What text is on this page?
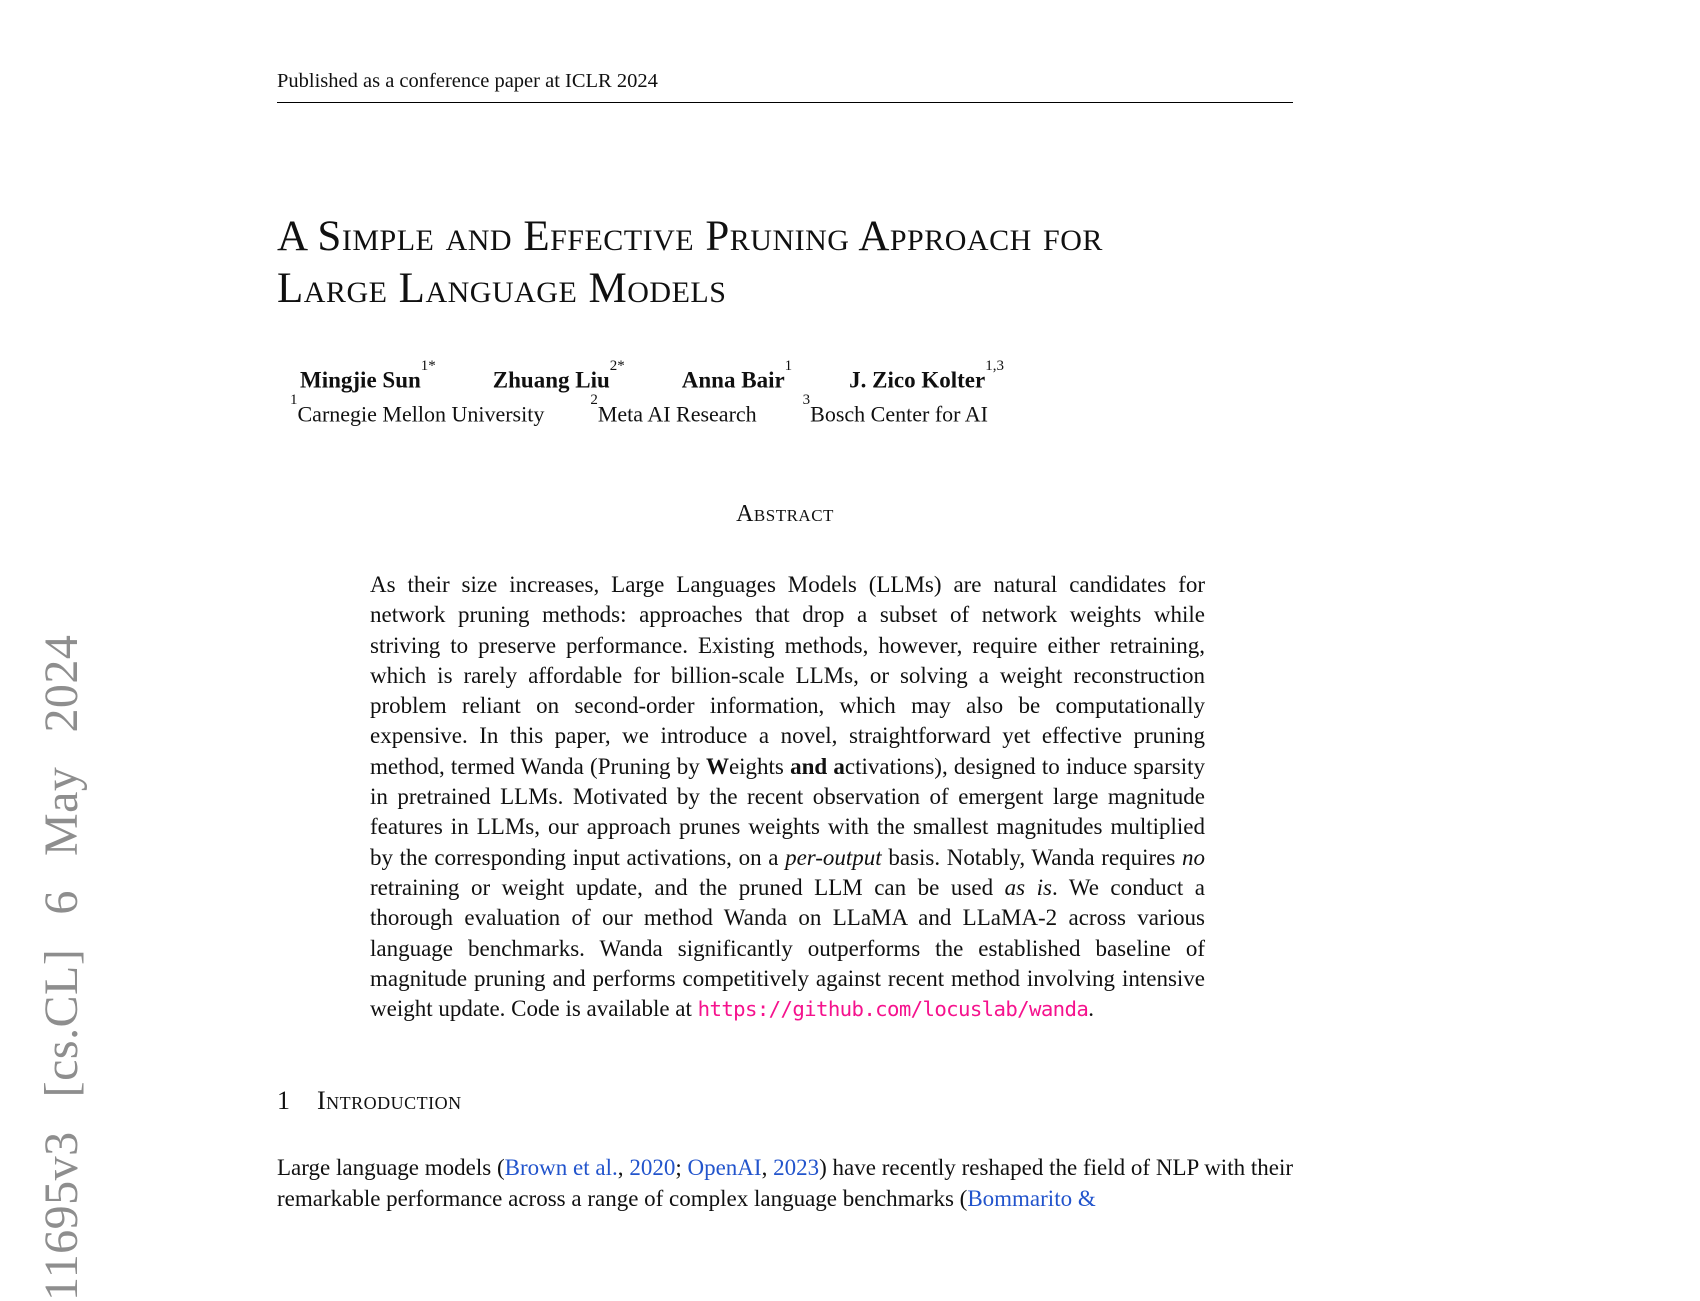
11695v3 [cs.CL] 6 May 2024
Published as a conference paper at ICLR 2024
A Simple and Effective Pruning Approach for
Large Language Models
Mingjie Sun$^{1*}$
Zhuang Liu$^{2*}$
Anna Bair$^1$
J. Zico Kolter$^{1,3}$
$^1$Carnegie Mellon University
$^2$Meta AI Research
$^3$Bosch Center for AI
Abstract
As their size increases, Large Languages Models (LLMs) are natural candidates for network pruning methods: approaches that drop a subset of network weights while striving to preserve performance. Existing methods, however, require either retraining, which is rarely affordable for billion-scale LLMs, or solving a weight reconstruction problem reliant on second-order information, which may also be computationally expensive. In this paper, we introduce a novel, straightforward yet effective pruning method, termed Wanda (Pruning by Weights and activations), designed to induce sparsity in pretrained LLMs. Motivated by the recent observation of emergent large magnitude features in LLMs, our approach prunes weights with the smallest magnitudes multiplied by the corresponding input activations, on a per-output basis. Notably, Wanda requires no retraining or weight update, and the pruned LLM can be used as is. We conduct a thorough evaluation of our method Wanda on LLaMA and LLaMA-2 across various language benchmarks. Wanda significantly outperforms the established baseline of magnitude pruning and performs competitively against recent method involving intensive weight update. Code is available at https://github.com/locuslab/wanda.
1 Introduction
Large language models (Brown et al., 2020; OpenAI, 2023) have recently reshaped the field of NLP with their remarkable performance across a range of complex language benchmarks (Bommarito &
